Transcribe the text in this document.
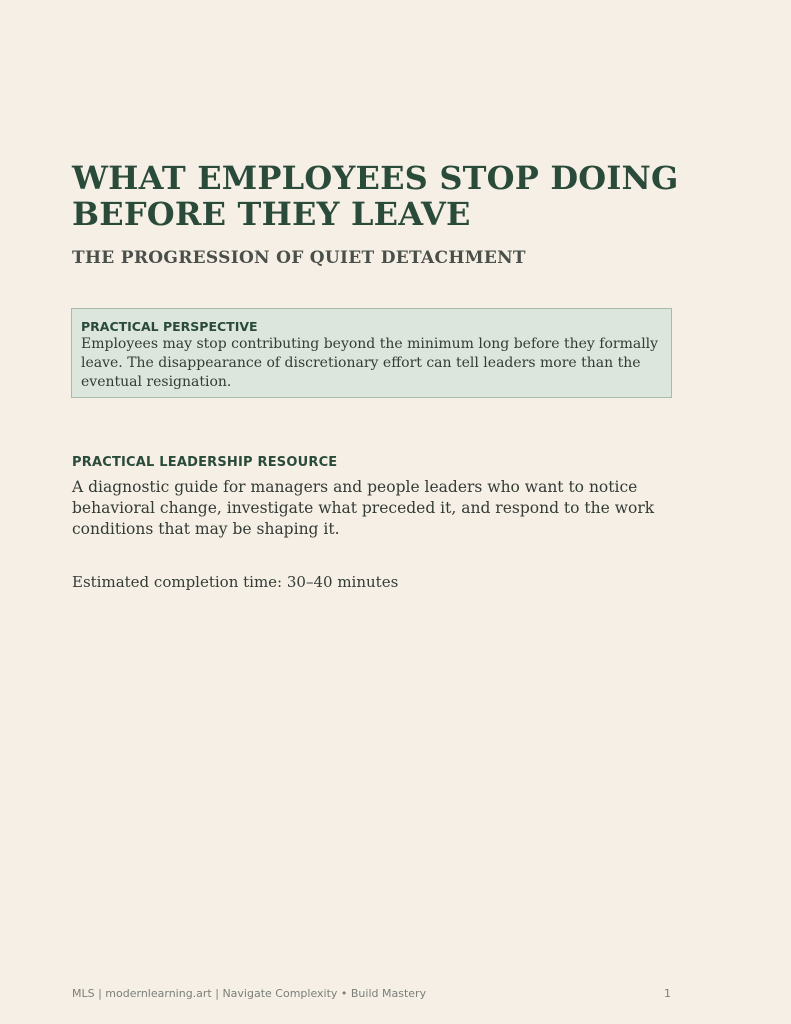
WHAT EMPLOYEES STOP DOING BEFORE THEY LEAVE
THE PROGRESSION OF QUIET DETACHMENT

PRACTICAL PERSPECTIVE

Employees may stop contributing beyond the minimum long before they formally leave. The disappearance of discretionary effort can tell leaders more than the eventual resignation.

PRACTICAL LEADERSHIP RESOURCE

A diagnostic guide for managers and people leaders who want to notice behavioral change, investigate what preceded it, and respond to the work conditions that may be shaping it.

Estimated completion time: 30–40 minutes

MLS | modernlearning.art | Navigate Complexity • Build Mastery	1
